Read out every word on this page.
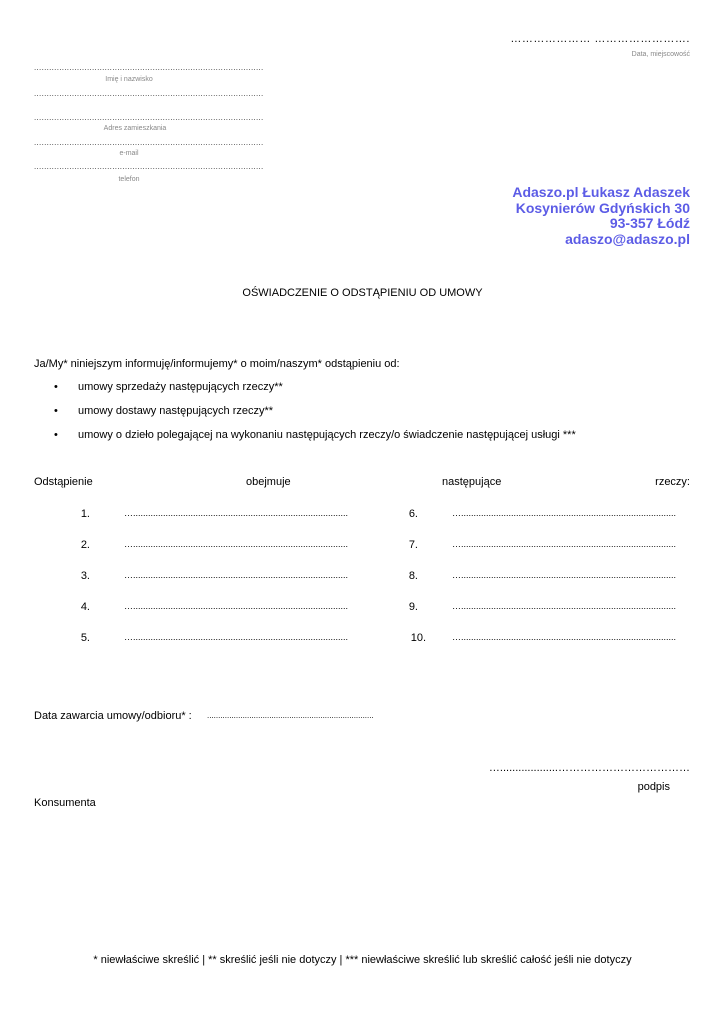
………………… …………………….
Data, miejscowość
...........................................................................................
Imię i nazwisko
...........................................................................................
...........................................................................................
Adres zamieszkania
...........................................................................................
e-mail
...........................................................................................
telefon
Adaszo.pl Łukasz Adaszek
Kosynierów Gdyńskich 30
93-357 Łódź
adaszo@adaszo.pl
OŚWIADCZENIE O ODSTĄPIENIU OD UMOWY
Ja/My* niniejszym informuję/informujemy* o moim/naszym* odstąpieniu od:
• umowy sprzedaży następujących rzeczy**
• umowy dostawy następujących rzeczy**
• umowy o dzieło polegającej na wykonaniu następujących rzeczy/o świadczenie następującej usługi ***
Odstąpienie	obejmuje	następujące	rzeczy:
1.	…......................................................................................
2.	…......................................................................................
3.	…......................................................................................
4.	…......................................................................................
5.	…......................................................................................
6.	…......................................................................................
7.	…......................................................................................
8.	…......................................................................................
9.	…......................................................................................
10.	…......................................................................................
Data zawarcia umowy/odbioru* : ...........................................................................
…...................………………………………
podpis
Konsumenta
* niewłaściwe skreślić | ** skreślić jeśli nie dotyczy | *** niewłaściwe skreślić lub skreślić całość jeśli nie dotyczy
